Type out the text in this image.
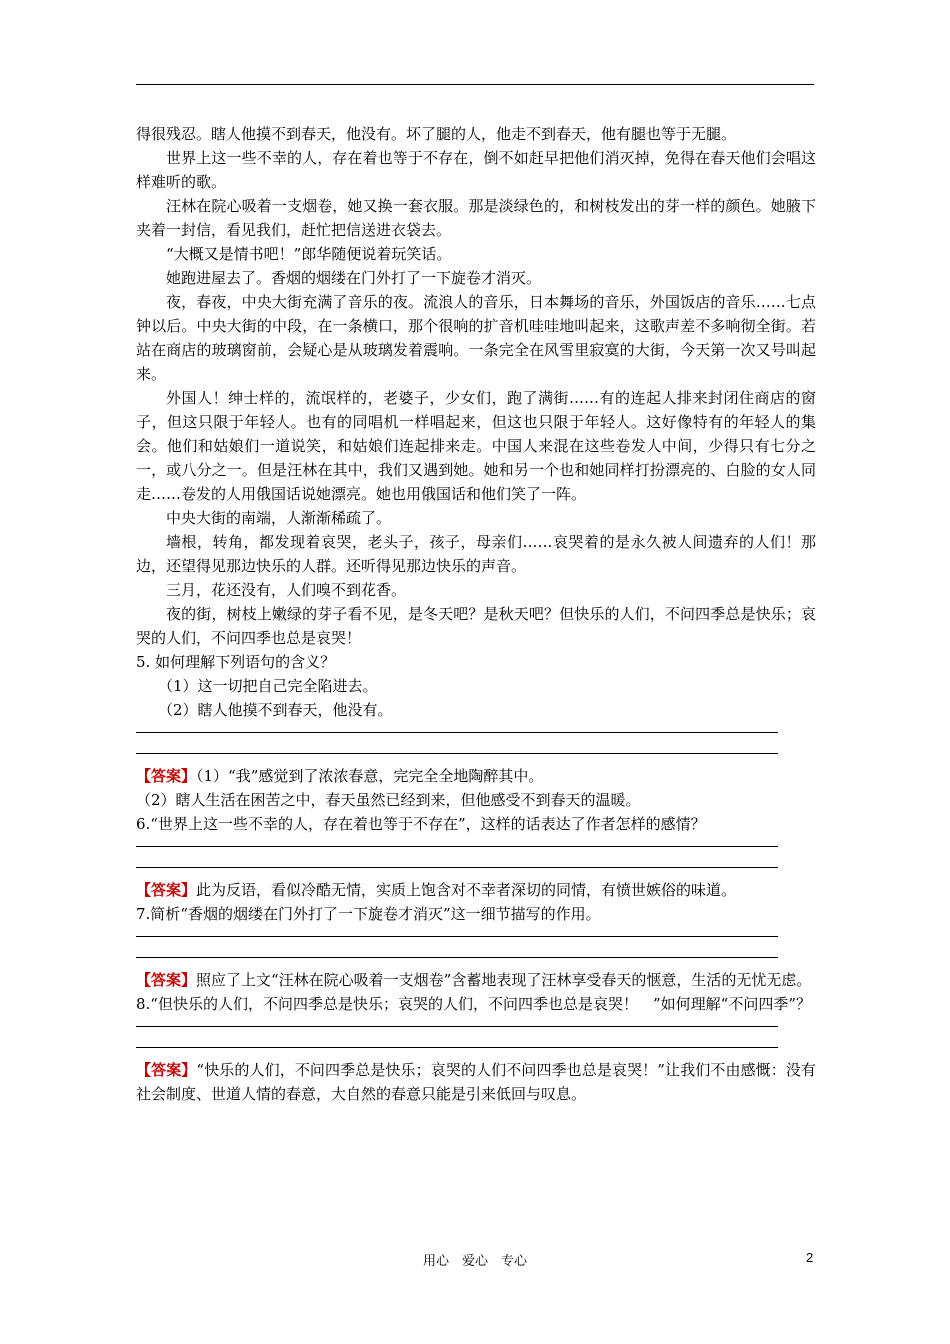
得很残忍。瞎人他摸不到春天，他没有。坏了腿的人，他走不到春天，他有腿也等于无腿。

世界上这一些不幸的人，存在着也等于不存在，倒不如赶早把他们消灭掉，免得在春天他们会唱这样难听的歌。

汪林在院心吸着一支烟卷，她又换一套衣服。那是淡绿色的，和树枝发出的芽一样的颜色。她腋下夹着一封信，看见我们，赶忙把信送进衣袋去。

“大概又是情书吧！”郎华随便说着玩笑话。

她跑进屋去了。香烟的烟缕在门外打了一下旋卷才消灭。

夜，春夜，中央大街充满了音乐的夜。流浪人的音乐，日本舞场的音乐，外国饭店的音乐……七点钟以后。中央大街的中段，在一条横口，那个很响的扩音机哇哇地叫起来，这歌声差不多响彻全街。若站在商店的玻璃窗前，会疑心是从玻璃发着震响。一条完全在风雪里寂寞的大街，今天第一次又号叫起来。

外国人！绅士样的，流氓样的，老婆子，少女们，跑了满街……有的连起人排来封闭住商店的窗子，但这只限于年轻人。也有的同唱机一样唱起来，但这也只限于年轻人。这好像特有的年轻人的集会。他们和姑娘们一道说笑，和姑娘们连起排来走。中国人来混在这些卷发人中间，少得只有七分之一，或八分之一。但是汪林在其中，我们又遇到她。她和另一个也和她同样打扮漂亮的、白脸的女人同走……卷发的人用俄国话说她漂亮。她也用俄国话和他们笑了一阵。

中央大街的南端，人渐渐稀疏了。

墙根，转角，都发现着哀哭，老头子，孩子，母亲们……哀哭着的是永久被人间遗弃的人们！那边，还望得见那边快乐的人群。还听得见那边快乐的声音。

三月，花还没有，人们嗅不到花香。

夜的街，树枝上嫩绿的芽子看不见，是冬天吧？是秋天吧？但快乐的人们，不问四季总是快乐；哀哭的人们，不问四季也总是哀哭！

5. 如何理解下列语句的含义？

（1）这一切把自己完全陷进去。

（2）瞎人他摸不到春天，他没有。

【答案】（1）“我”感觉到了浓浓春意，完完全全地陶醉其中。

（2）瞎人生活在困苦之中，春天虽然已经到来，但他感受不到春天的温暖。

6.“世界上这一些不幸的人，存在着也等于不存在”，这样的话表达了作者怎样的感情？

【答案】此为反语，看似冷酷无情，实质上饱含对不幸者深切的同情，有愤世嫉俗的味道。

7.简析“香烟的烟缕在门外打了一下旋卷才消灭”这一细节描写的作用。

【答案】照应了上文“汪林在院心吸着一支烟卷”含蓄地表现了汪林享受春天的惬意，生活的无忧无虑。

8.“但快乐的人们，不问四季总是快乐；哀哭的人们，不问四季也总是哀哭！　”如何理解“不问四季”？

【答案】“快乐的人们，不问四季总是快乐；哀哭的人们不问四季也总是哀哭！”让我们不由感慨：没有社会制度、世道人情的春意，大自然的春意只能是引来低回与叹息。

用心　爱心　专心	2
